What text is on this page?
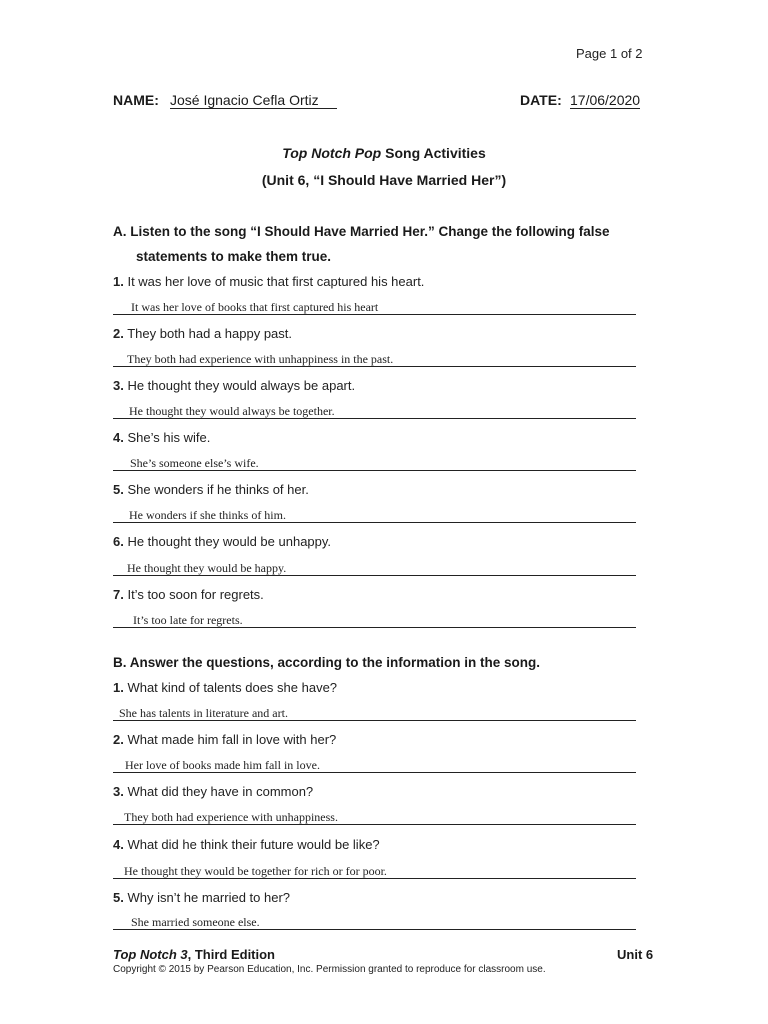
Page 1 of 2
NAME: José Ignacio Cefla Ortiz	DATE: 17/06/2020
Top Notch Pop Song Activities
(Unit 6, “I Should Have Married Her”)
A. Listen to the song “I Should Have Married Her.” Change the following false
statements to make them true.
1. It was her love of music that first captured his heart.
It was her love of books that first captured his heart
2. They both had a happy past.
They both had experience with unhappiness in the past.
3. He thought they would always be apart.
He thought they would always be together.
4. She’s his wife.
She’s someone else’s wife.
5. She wonders if he thinks of her.
He wonders if she thinks of him.
6. He thought they would be unhappy.
He thought they would be happy.
7. It’s too soon for regrets.
It’s too late for regrets.
B. Answer the questions, according to the information in the song.
1. What kind of talents does she have?
She has talents in literature and art.
2. What made him fall in love with her?
Her love of books made him fall in love.
3. What did they have in common?
They both had experience with unhappiness.
4. What did he think their future would be like?
He thought they would be together for rich or for poor.
5. Why isn’t he married to her?
She married someone else.
Top Notch 3, Third Edition	Unit 6
Copyright © 2015 by Pearson Education, Inc. Permission granted to reproduce for classroom use.
